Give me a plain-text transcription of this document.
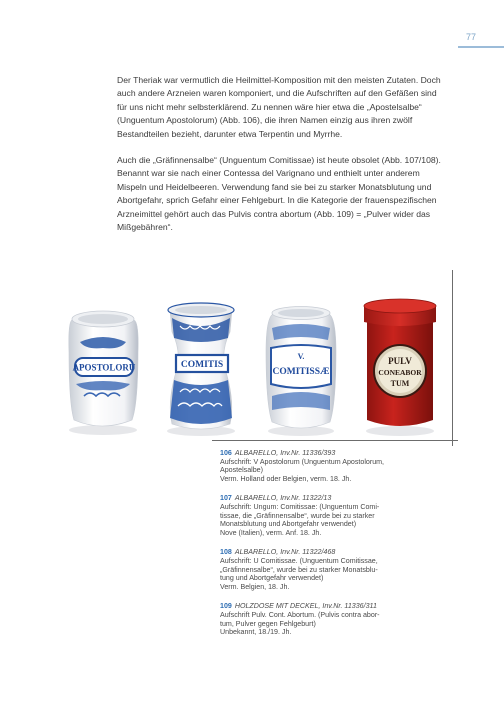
77

Der Theriak war vermutlich die Heilmittel-Komposition mit den meisten Zutaten. Doch auch andere Arzneien waren komponiert, und die Aufschriften auf den Gefäßen sind für uns nicht mehr selbsterklärend. Zu nennen wäre hier etwa die „Apostelsalbe“ (Unguentum Apostolorum) (Abb. 106), die ihren Namen einzig aus ihren zwölf Bestandteilen bezieht, darunter etwa Terpentin und Myrrhe.

Auch die „Gräfinnensalbe“ (Unguentum Comitissae) ist heute obsolet (Abb. 107/108). Benannt war sie nach einer Contessa del Varignano und enthielt unter anderem Mispeln und Heidelbeeren. Verwendung fand sie bei zu starker Monatsblutung und Abortgefahr, sprich Gefahr einer Fehlgeburt. In die Kategorie der frauenspezifischen Arzneimittel gehört auch das Pulvis contra abortum (Abb. 109) = „Pulver wider das Mißgebähren“.

APOSTOLORU	COMITIS
V.
COMITISSÆ
PULV
CONEABOR
TUM

106 ALBARELLO, Inv.Nr. 11336/393
Aufschrift: V Apostolorum (Unguentum Apostolorum,
Apostelsalbe)
Verm. Holland oder Belgien, verm. 18. Jh.

107 ALBARELLO, Inv.Nr. 11322/13
Aufschrift: Ungum: Comitissae: (Unguentum Comi-
tissae, die „Gräfinnensalbe“, wurde bei zu starker
Monatsblutung und Abortgefahr verwendet)
Nove (Italien), verm. Anf. 18. Jh.

108 ALBARELLO, Inv.Nr. 11322/468
Aufschrift: U Comitissae. (Unguentum Comitissae,
„Gräfinnensalbe“, wurde bei zu starker Monatsblu-
tung und Abortgefahr verwendet)
Verm. Belgien, 18. Jh.

109 HOLZDOSE MIT DECKEL, Inv.Nr. 11336/311
Aufschrift Pulv. Cont. Abortum. (Pulvis contra abor-
tum, Pulver gegen Fehlgeburt)
Unbekannt, 18./19. Jh.
